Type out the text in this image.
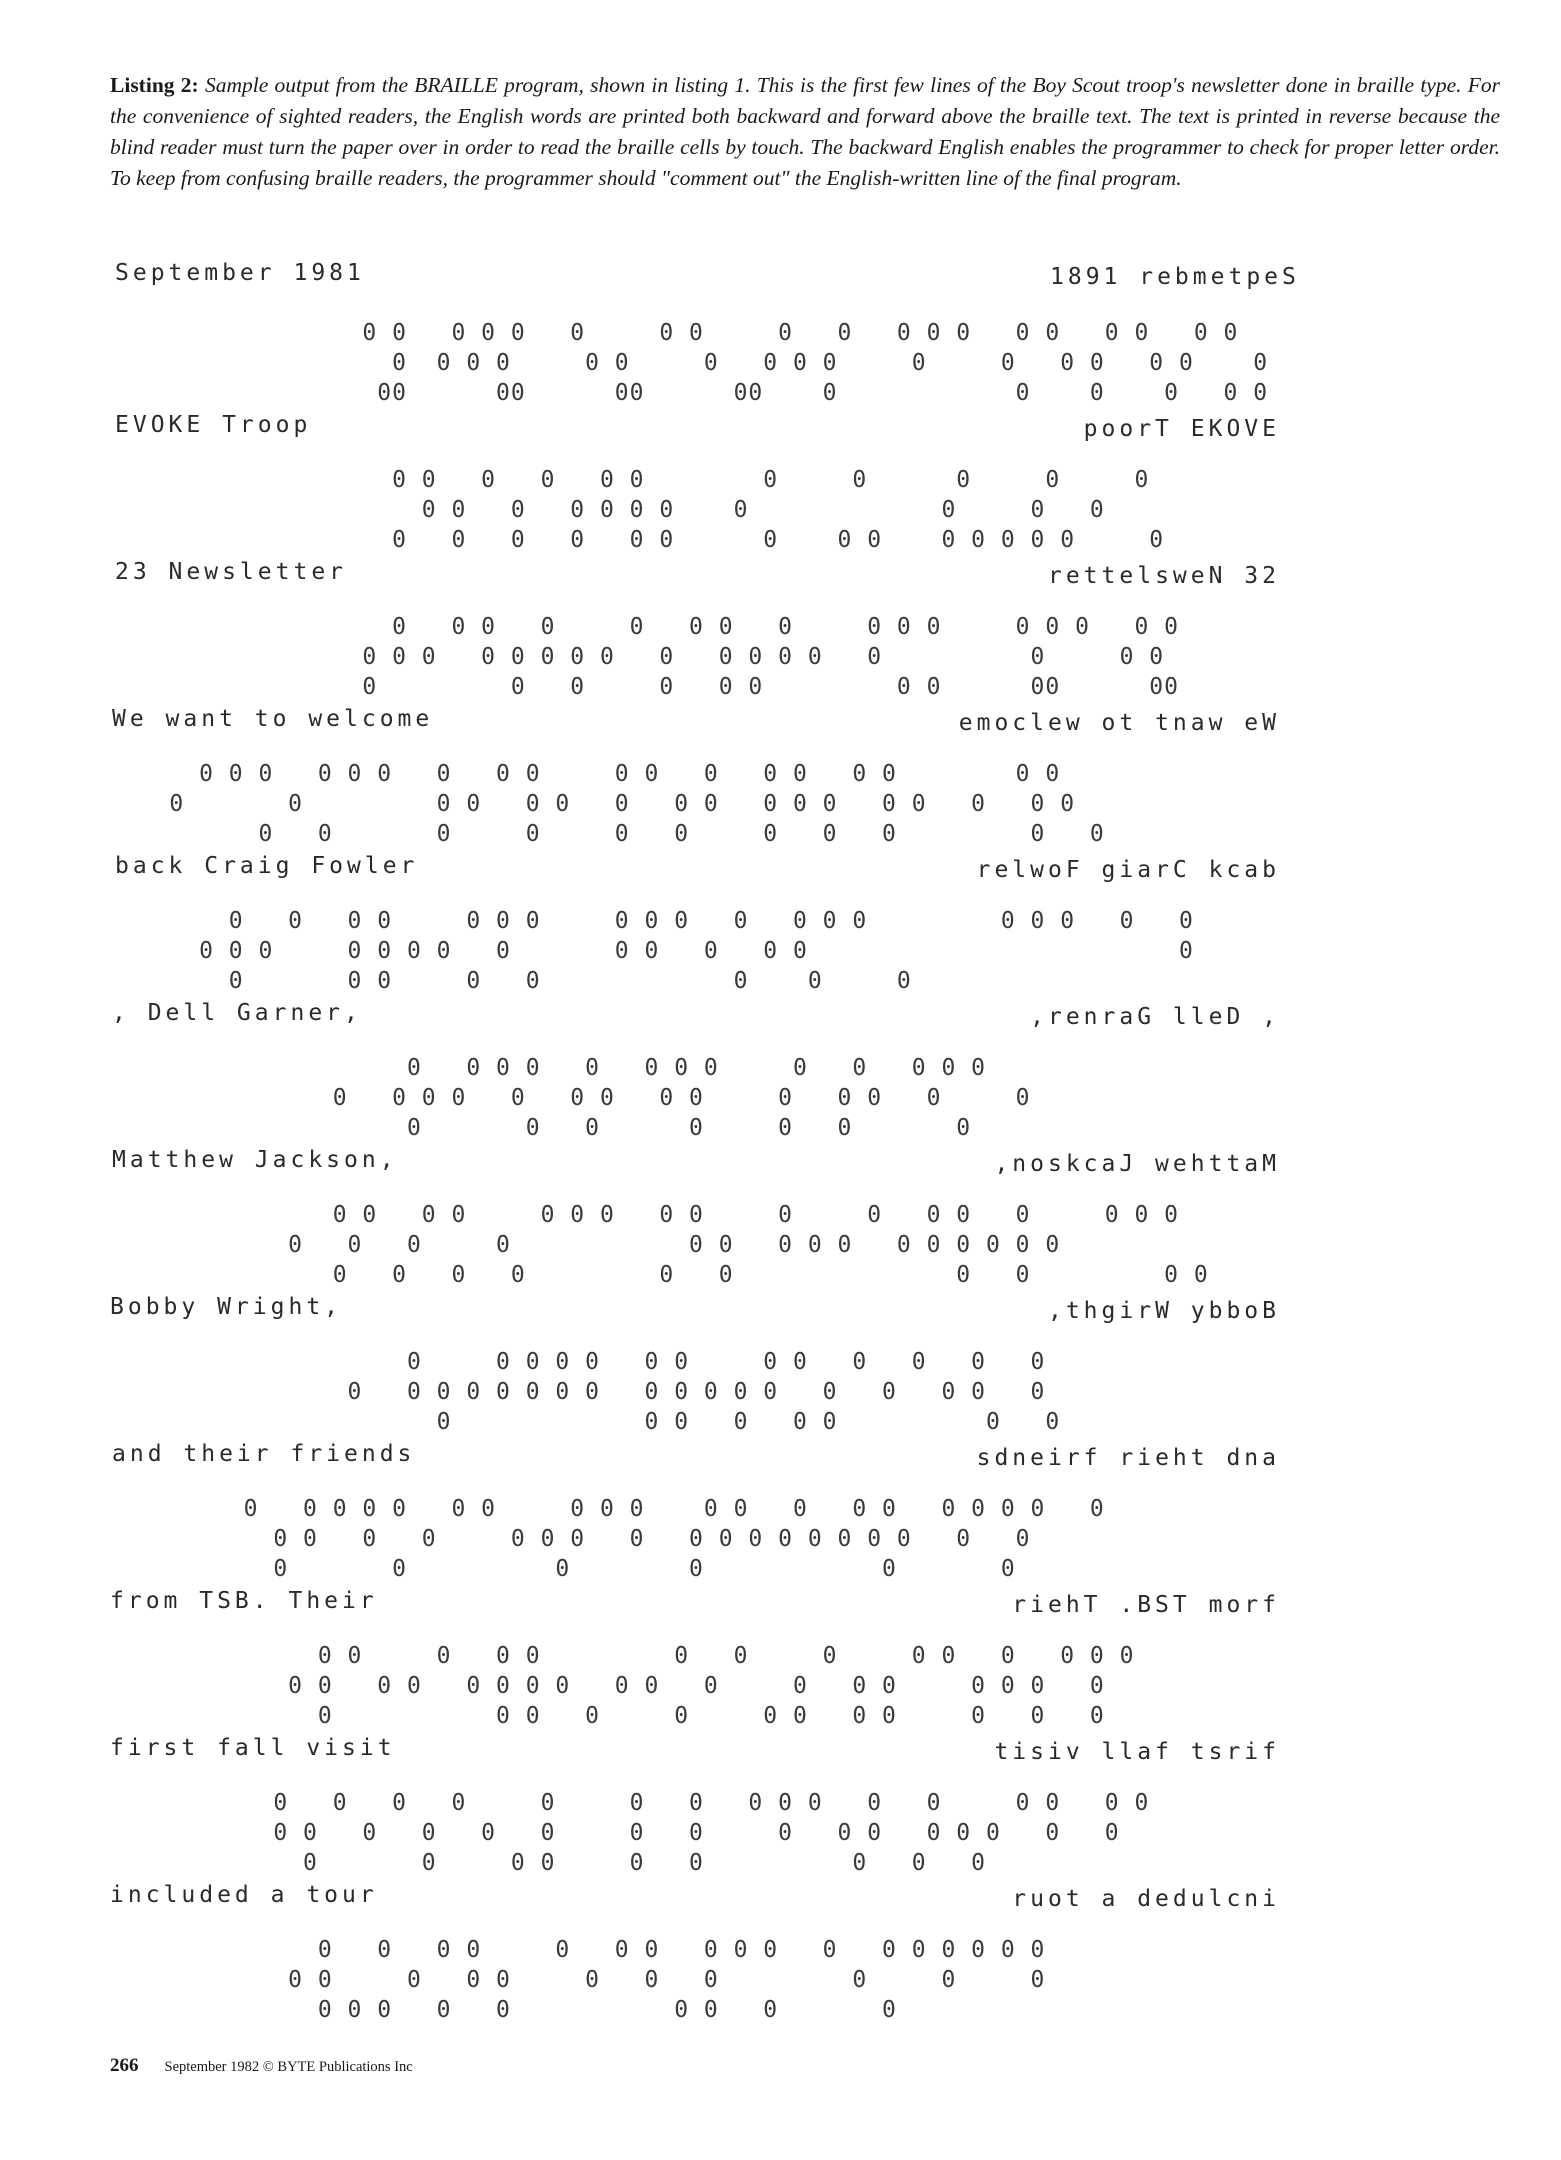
Listing 2: Sample output from the BRAILLE program, shown in listing 1. This is the first few lines of the Boy Scout troop's newsletter done in braille type. For the convenience of sighted readers, the English words are printed both backward and forward above the braille text. The text is printed in reverse because the blind reader must turn the paper over in order to read the braille cells by touch. The backward English enables the programmer to check for proper letter order. To keep from confusing braille readers, the programmer should "comment out" the English-written line of the final program.
September 1981	1891 rebmetpeS
0 0   0 0 0   0     0 0     0   0   0 0 0   0 0   0 0   0 0
0  0 0 0     0 0     0   0 0 0     0     0   0 0   0 0    0
00      00      00      00    0            0    0    0   0 0
EVOKE Troop	poorT EKOVE
0 0   0   0   0 0        0     0      0     0     0
0 0   0   0 0 0 0    0             0     0   0
0   0   0   0   0 0      0    0 0    0 0 0 0 0     0
23 Newsletter	rettelsweN 32
0   0 0   0     0   0 0   0     0 0 0     0 0 0   0 0
0 0 0   0 0 0 0 0   0   0 0 0 0   0          0     0 0
0         0   0     0   0 0         0 0      00      00
We want to welcome	emoclew ot tnaw eW
0 0 0   0 0 0   0   0 0     0 0   0   0 0   0 0        0 0
0       0         0 0   0 0   0   0 0   0 0 0   0 0   0   0 0
0   0       0     0     0   0     0   0   0         0   0
back Craig Fowler	relwoF giarC kcab
0   0   0 0     0 0 0     0 0 0   0   0 0 0         0 0 0   0   0
0 0 0     0 0 0 0   0       0 0   0   0 0                         0
0       0 0     0   0             0    0     0
, Dell Garner,	,renraG lleD ,
0   0 0 0   0   0 0 0     0   0   0 0 0
0   0 0 0   0   0 0   0 0     0   0 0   0     0
0       0   0      0     0   0       0
Matthew Jackson,	,noskcaJ wehttaM
0 0   0 0     0 0 0   0 0     0     0   0 0   0     0 0 0
0   0   0     0            0 0   0 0 0   0 0 0 0 0 0
0   0   0   0         0   0               0   0         0 0
Bobby Wright,	,thgirW ybboB
0     0 0 0 0   0 0     0 0   0   0   0   0
0   0 0 0 0 0 0 0   0 0 0 0 0   0   0   0 0   0
0             0 0   0   0 0          0   0
and their friends	sdneirf rieht dna
0   0 0 0 0   0 0     0 0 0    0 0   0   0 0   0 0 0 0   0
0 0   0   0     0 0 0   0   0 0 0 0 0 0 0 0   0   0
0       0          0        0            0       0
from TSB. Their	riehT .BST morf
0 0     0   0 0         0   0     0     0 0   0   0 0 0
0 0   0 0   0 0 0 0   0 0   0     0   0 0     0 0 0   0
0           0 0   0     0     0 0   0 0     0   0   0
first fall visit	tisiv llaf tsrif
0   0   0   0     0     0   0   0 0 0   0   0     0 0   0 0
0 0   0   0   0   0     0   0     0   0 0   0 0 0   0   0
0       0     0 0     0   0          0   0   0
included a tour	ruot a dedulcni
0   0   0 0     0   0 0   0 0 0   0   0 0 0 0 0 0
0 0     0   0 0     0   0   0         0     0     0
0 0 0   0   0           0 0   0       0
266 September 1982 © BYTE Publications Inc
